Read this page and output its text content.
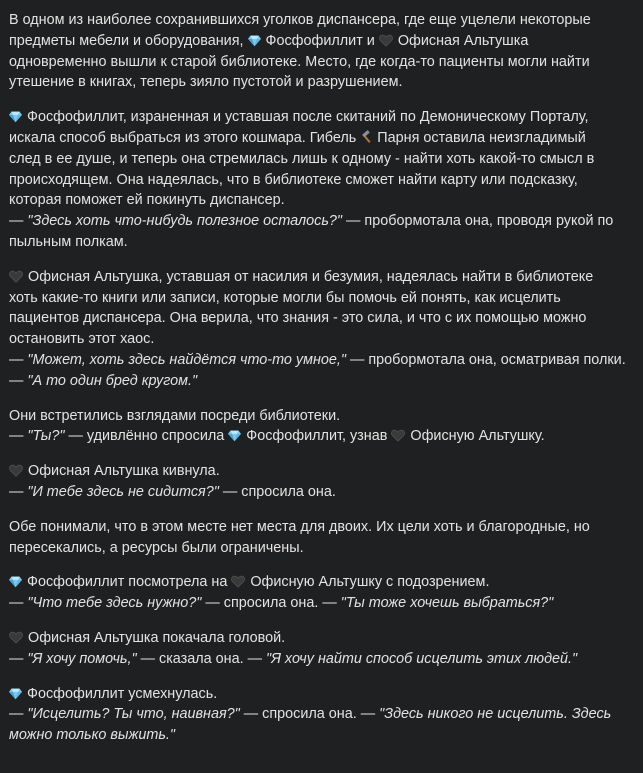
В одном из наиболее сохранившихся уголков диспансера, где еще уцелели некоторые
предметы мебели и оборудования, Фосфофиллит и Офисная Альтушка
одновременно вышли к старой библиотеке. Место, где когда-то пациенты могли найти
утешение в книгах, теперь зияло пустотой и разрушением.
Фосфофиллит, израненная и уставшая после скитаний по Демоническому Порталу,
искала способ выбраться из этого кошмара. Гибель Парня оставила неизгладимый
след в ее душе, и теперь она стремилась лишь к одному - найти хоть какой-то смысл в
происходящем. Она надеялась, что в библиотеке сможет найти карту или подсказку,
которая поможет ей покинуть диспансер.
— "Здесь хоть что-нибудь полезное осталось?" — пробормотала она, проводя рукой по
пыльным полкам.
Офисная Альтушка, уставшая от насилия и безумия, надеялась найти в библиотеке
хоть какие-то книги или записи, которые могли бы помочь ей понять, как исцелить
пациентов диспансера. Она верила, что знания - это сила, и что с их помощью можно
остановить этот хаос.
— "Может, хоть здесь найдётся что-то умное," — пробормотала она, осматривая полки.
— "А то один бред кругом."
Они встретились взглядами посреди библиотеки.
— "Ты?" — удивлённо спросила Фосфофиллит, узнав Офисную Альтушку.
Офисная Альтушка кивнула.
— "И тебе здесь не сидится?" — спросила она.
Обе понимали, что в этом месте нет места для двоих. Их цели хоть и благородные, но
пересекались, а ресурсы были ограничены.
Фосфофиллит посмотрела на Офисную Альтушку с подозрением.
— "Что тебе здесь нужно?" — спросила она. — "Ты тоже хочешь выбраться?"
Офисная Альтушка покачала головой.
— "Я хочу помочь," — сказала она. — "Я хочу найти способ исцелить этих людей."
Фосфофиллит усмехнулась.
— "Исцелить? Ты что, наивная?" — спросила она. — "Здесь никого не исцелить. Здесь
можно только выжить."
